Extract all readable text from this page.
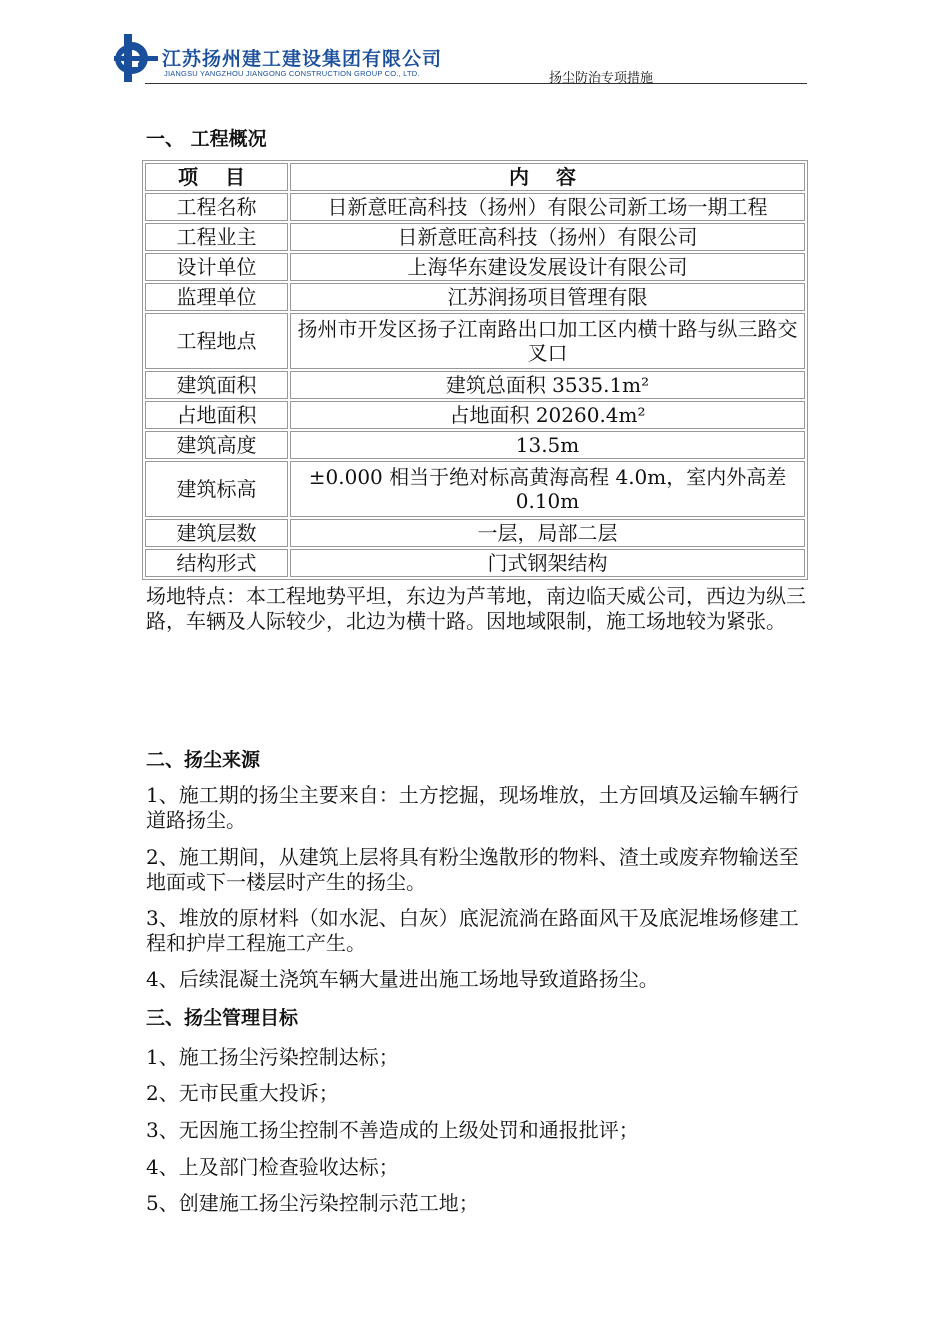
江苏扬州建工建设集团有限公司
JIANGSU YANGZHOU JIANGONG CONSTRUCTION GROUP CO., LTD.	扬尘防治专项措施
一、 工程概况
项 目	内 容
工程名称	日新意旺高科技（扬州）有限公司新工场一期工程
工程业主	日新意旺高科技（扬州）有限公司
设计单位	上海华东建设发展设计有限公司
监理单位	江苏润扬项目管理有限
工程地点	扬州市开发区扬子江南路出口加工区内横十路与纵三路交叉口
建筑面积	建筑总面积 3535.1m²
占地面积	占地面积 20260.4m²
建筑高度	13.5m
建筑标高	±0.000 相当于绝对标高黄海高程 4.0m，室内外高差 0.10m
建筑层数	一层，局部二层
结构形式	门式钢架结构
场地特点：本工程地势平坦，东边为芦苇地，南边临天威公司，西边为纵三路，车辆及人际较少，北边为横十路。因地域限制，施工场地较为紧张。
二、扬尘来源
1、施工期的扬尘主要来自：土方挖掘，现场堆放，土方回填及运输车辆行道路扬尘。
2、施工期间，从建筑上层将具有粉尘逸散形的物料、渣土或废弃物输送至地面或下一楼层时产生的扬尘。
3、堆放的原材料（如水泥、白灰）底泥流淌在路面风干及底泥堆场修建工程和护岸工程施工产生。
4、后续混凝土浇筑车辆大量进出施工场地导致道路扬尘。
三、扬尘管理目标
1、施工扬尘污染控制达标；
2、无市民重大投诉；
3、无因施工扬尘控制不善造成的上级处罚和通报批评；
4、上及部门检查验收达标；
5、创建施工扬尘污染控制示范工地；
